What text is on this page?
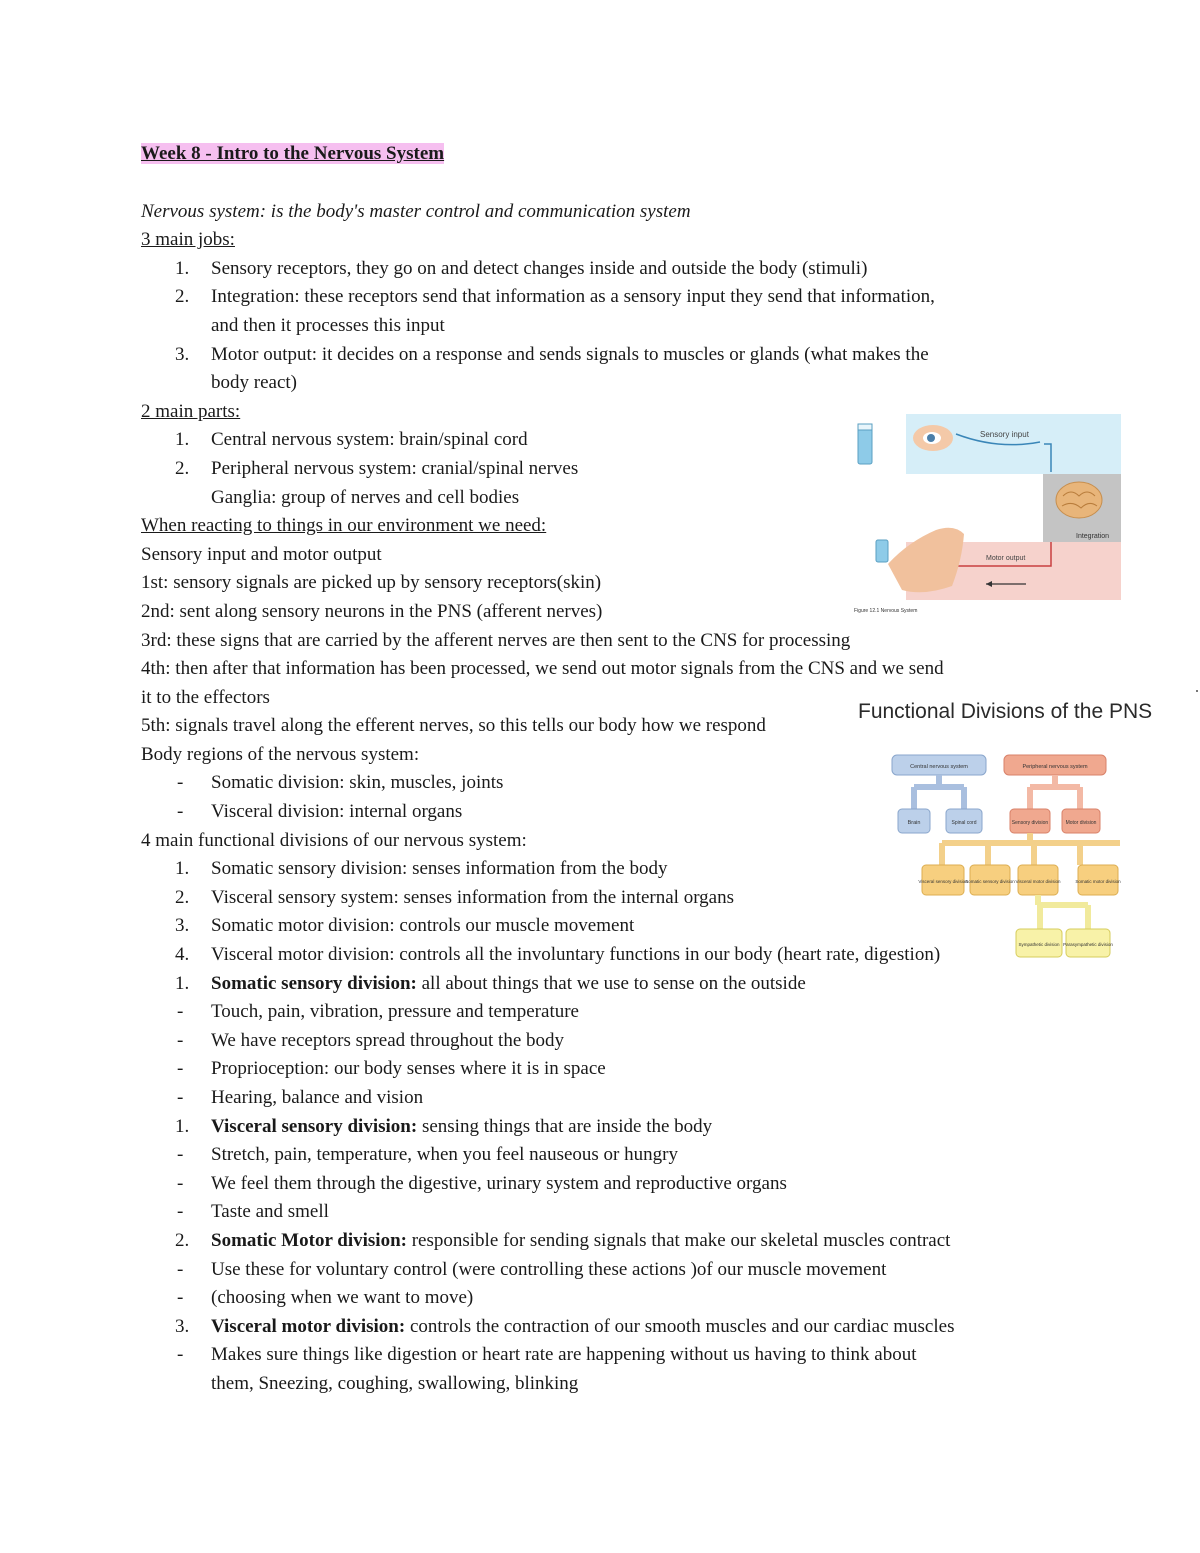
Week 8 - Intro to the Nervous System
Nervous system: is the body's master control and communication system
3 main jobs:
1.	Sensory receptors, they go on and detect changes inside and outside the body (stimuli)
2.	Integration: these receptors send that information as a sensory input they send that information,
and then it processes this input
3.	Motor output: it decides on a response and sends signals to muscles or glands (what makes the
body react)
2 main parts:
1.	Central nervous system: brain/spinal cord
2.	Peripheral nervous system: cranial/spinal nerves
Ganglia: group of nerves and cell bodies
When reacting to things in our environment we need:
Sensory input and motor output
1st: sensory signals are picked up by sensory receptors(skin)
2nd: sent along sensory neurons in the PNS (afferent nerves)
3rd: these signs that are carried by the afferent nerves are then sent to the CNS for processing
4th: then after that information has been processed, we send out motor signals from the CNS and we send
it to the effectors
5th: signals travel along the efferent nerves, so this tells our body how we respond
Body regions of the nervous system:
-	Somatic division: skin, muscles, joints
-	Visceral division: internal organs
4 main functional divisions of our nervous system:
1.	Somatic sensory division: senses information from the body
2.	Visceral sensory system: senses information from the internal organs
3.	Somatic motor division: controls our muscle movement
4.	Visceral motor division: controls all the involuntary functions in our body (heart rate, digestion)
1.	Somatic sensory division: all about things that we use to sense on the outside
-	Touch, pain, vibration, pressure and temperature
-	We have receptors spread throughout the body
-	Proprioception: our body senses where it is in space
-	Hearing, balance and vision
1.	Visceral sensory division: sensing things that are inside the body
-	Stretch, pain, temperature, when you feel nauseous or hungry
-	We feel them through the digestive, urinary system and reproductive organs
-	Taste and smell
2.	Somatic Motor division: responsible for sending signals that make our skeletal muscles contract
-	Use these for voluntary control (were controlling these actions )of our muscle movement
-	(choosing when we want to move)
3.	Visceral motor division: controls the contraction of our smooth muscles and our cardiac muscles
-	Makes sure things like digestion or heart rate are happening without us having to think about
them, Sneezing, coughing, swallowing, blinking
Sensory input
Integration
Motor output
Figure 12.1 Nervous System
Functional Divisions of the PNS
Central nervous system	Peripheral nervous system
Brain	Spinal cord	Sensory division	Motor division
Visceral sensory division
Somatic sensory division Visceral motor division	Somatic motor division
Sympathetic division Parasympathetic division
